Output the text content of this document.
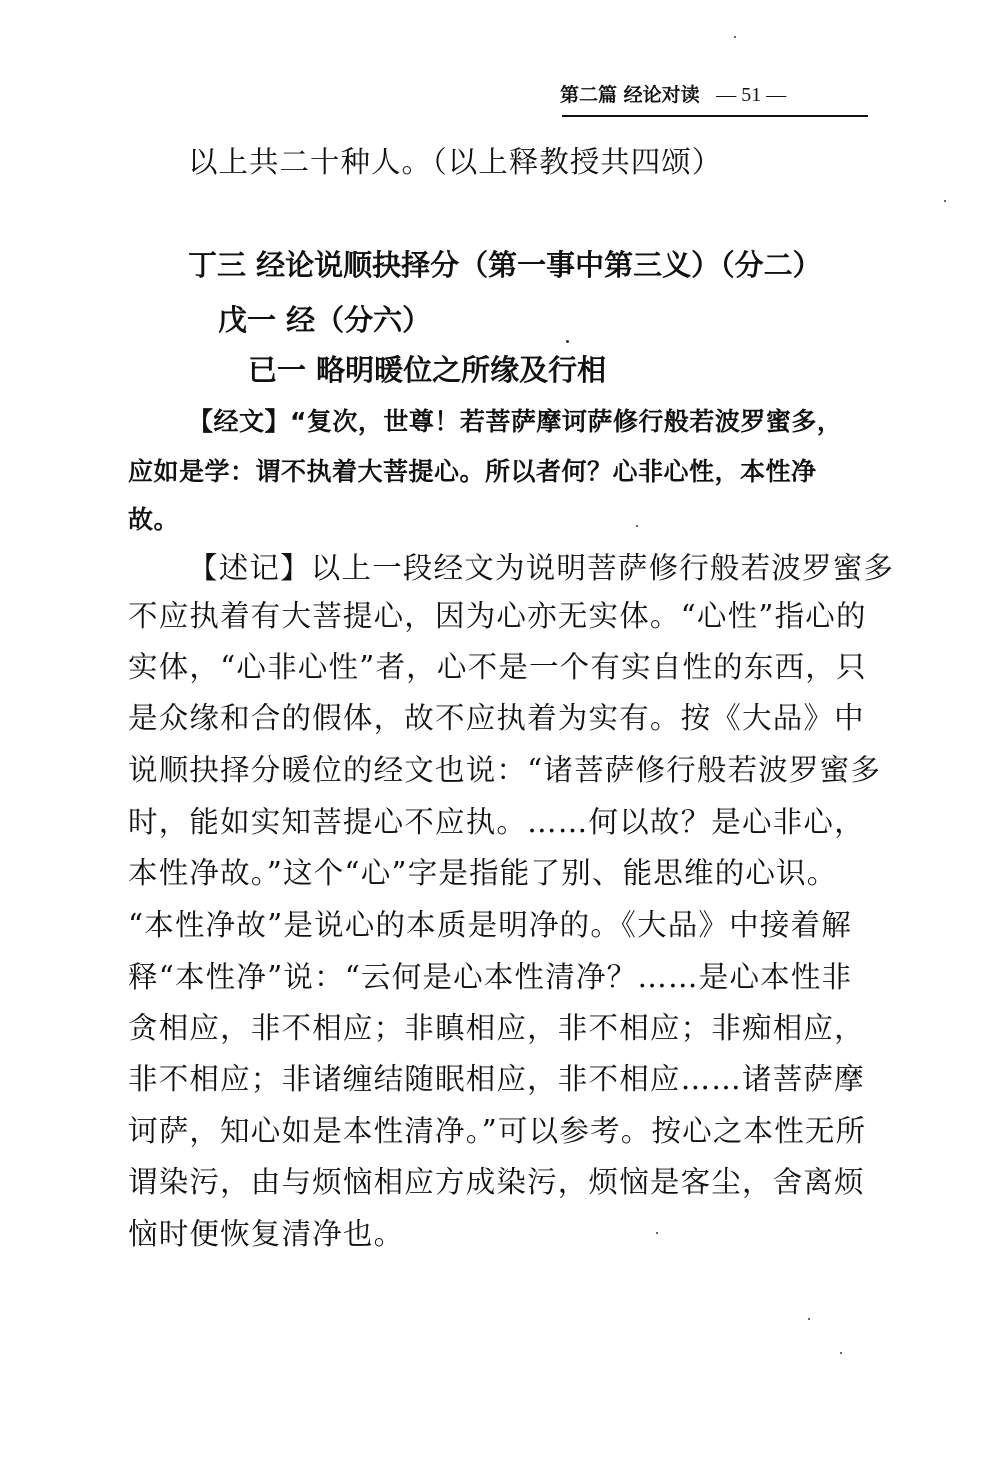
第二篇 经论对读 — 51 —
以上共二十种人。（以上释教授共四颂）
丁三 经论说顺抉择分（第一事中第三义）（分二）
戊一 经（分六）
已一 略明暖位之所缘及行相
【经文】“复次，世尊！若菩萨摩诃萨修行般若波罗蜜多，
应如是学：谓不执着大菩提心。所以者何？心非心性，本性净
故。
【述记】以上一段经文为说明菩萨修行般若波罗蜜多
不应执着有大菩提心，因为心亦无实体。“心性”指心的
实体，“心非心性”者，心不是一个有实自性的东西，只
是众缘和合的假体，故不应执着为实有。按《大品》中
说顺抉择分暖位的经文也说：“诸菩萨修行般若波罗蜜多
时，能如实知菩提心不应执。……何以故？是心非心，
本性净故。”这个“心”字是指能了别、能思维的心识。
“本性净故”是说心的本质是明净的。《大品》中接着解
释“本性净”说：“云何是心本性清净？……是心本性非
贪相应，非不相应；非瞋相应，非不相应；非痴相应，
非不相应；非诸缠结随眠相应，非不相应……诸菩萨摩
诃萨，知心如是本性清净。”可以参考。按心之本性无所
谓染污，由与烦恼相应方成染污，烦恼是客尘，舍离烦
恼时便恢复清净也。
